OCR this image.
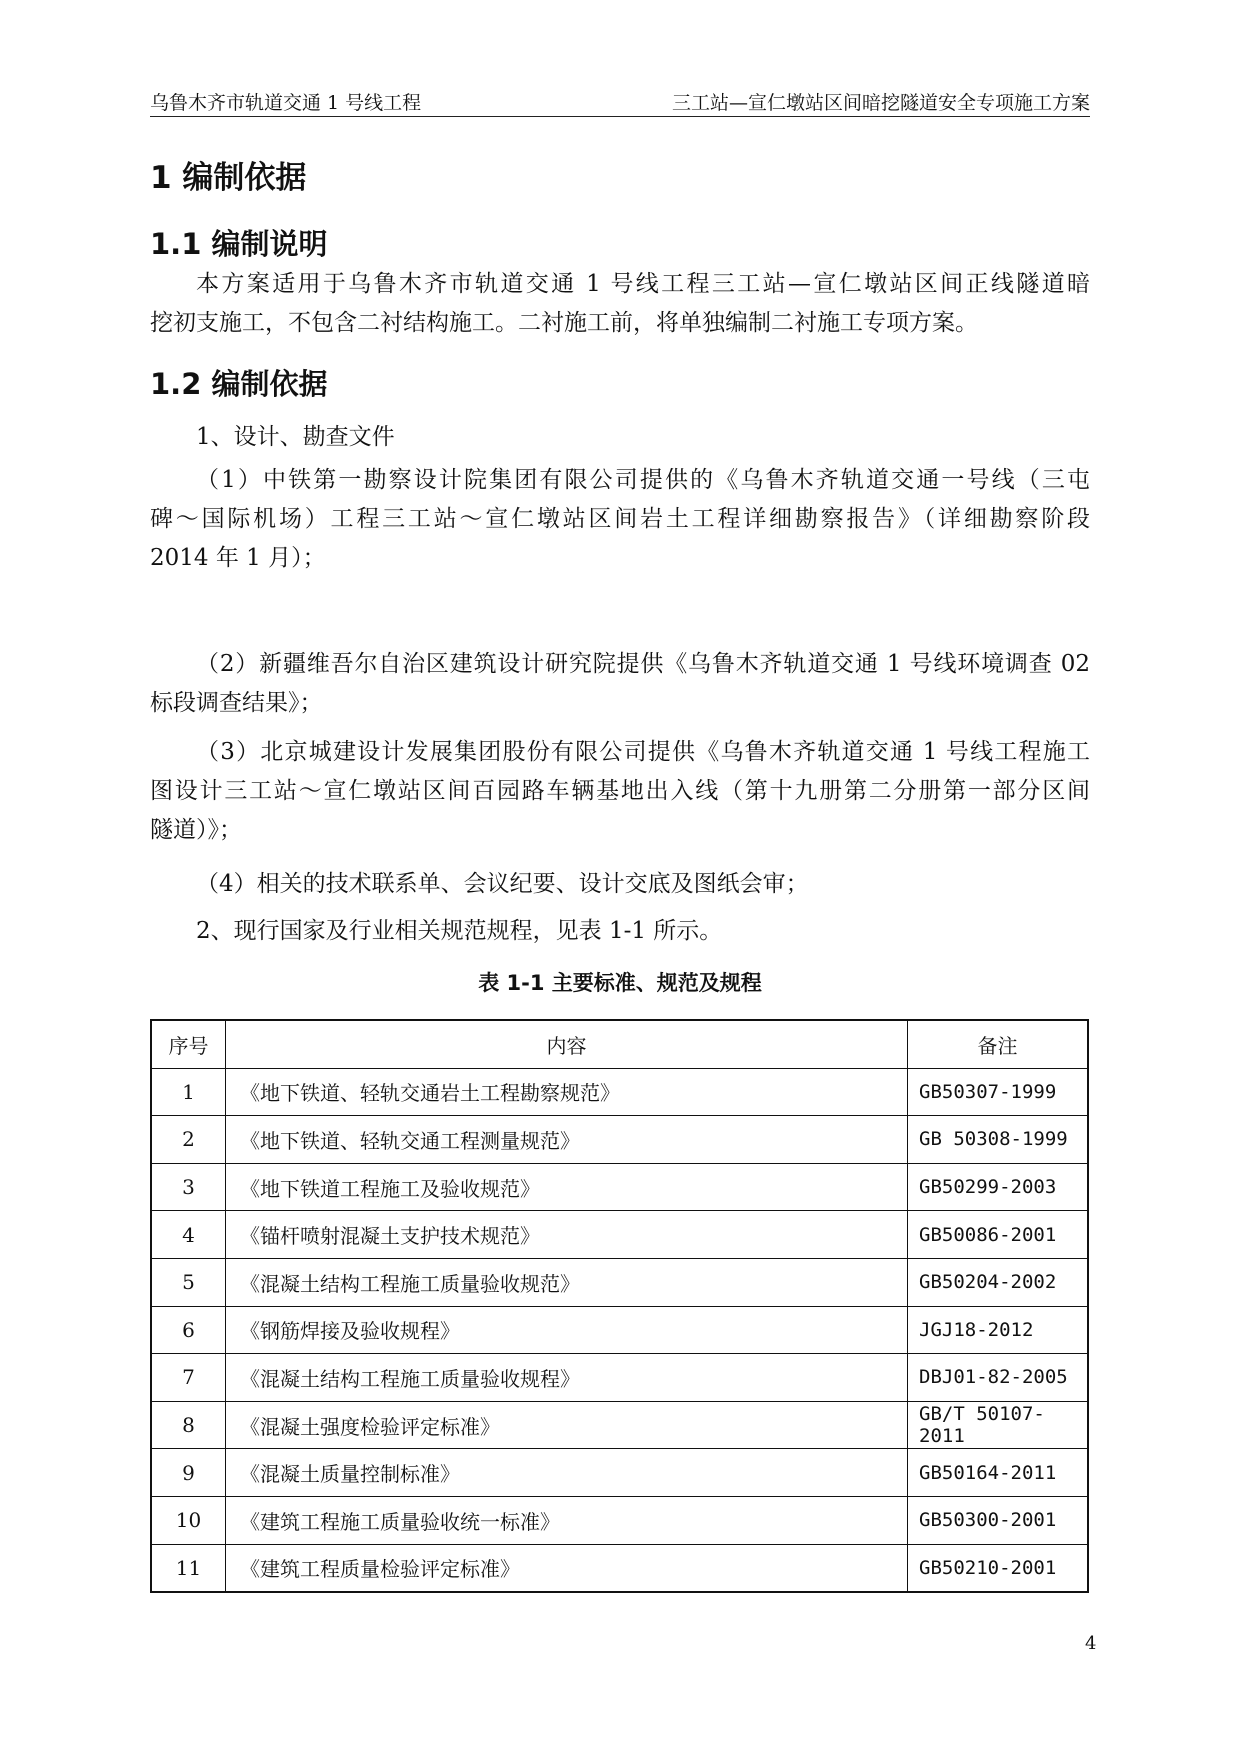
乌鲁木齐市轨道交通 1 号线工程	三工站—宣仁墩站区间暗挖隧道安全专项施工方案
1 编制依据
1.1 编制说明
本方案适用于乌鲁木齐市轨道交通 1 号线工程三工站—宣仁墩站区间正线隧道暗
挖初支施工，不包含二衬结构施工。二衬施工前，将单独编制二衬施工专项方案。
1.2 编制依据
1、设计、勘查文件
（1）中铁第一勘察设计院集团有限公司提供的《乌鲁木齐轨道交通一号线（三屯
碑～国际机场）工程三工站～宣仁墩站区间岩土工程详细勘察报告》（详细勘察阶段
2014 年 1 月）；
（2）新疆维吾尔自治区建筑设计研究院提供《乌鲁木齐轨道交通 1 号线环境调查 02
标段调查结果》；
（3）北京城建设计发展集团股份有限公司提供《乌鲁木齐轨道交通 1 号线工程施工
图设计三工站～宣仁墩站区间百园路车辆基地出入线（第十九册第二分册第一部分区间
隧道）》；
（4）相关的技术联系单、会议纪要、设计交底及图纸会审；
2、现行国家及行业相关规范规程，见表 1-1 所示。
表 1-1 主要标准、规范及规程
序号	内容	备注
1	《地下铁道、轻轨交通岩土工程勘察规范》	GB50307-1999
2	《地下铁道、轻轨交通工程测量规范》	GB 50308-1999
3	《地下铁道工程施工及验收规范》	GB50299-2003
4	《锚杆喷射混凝土支护技术规范》	GB50086-2001
5	《混凝土结构工程施工质量验收规范》	GB50204-2002
6	《钢筋焊接及验收规程》	JGJ18-2012
7	《混凝土结构工程施工质量验收规程》	DBJ01-82-2005
8	《混凝土强度检验评定标准》	GB/T 50107-2011
9	《混凝土质量控制标准》	GB50164-2011
10	《建筑工程施工质量验收统一标准》	GB50300-2001
11	《建筑工程质量检验评定标准》	GB50210-2001
4
